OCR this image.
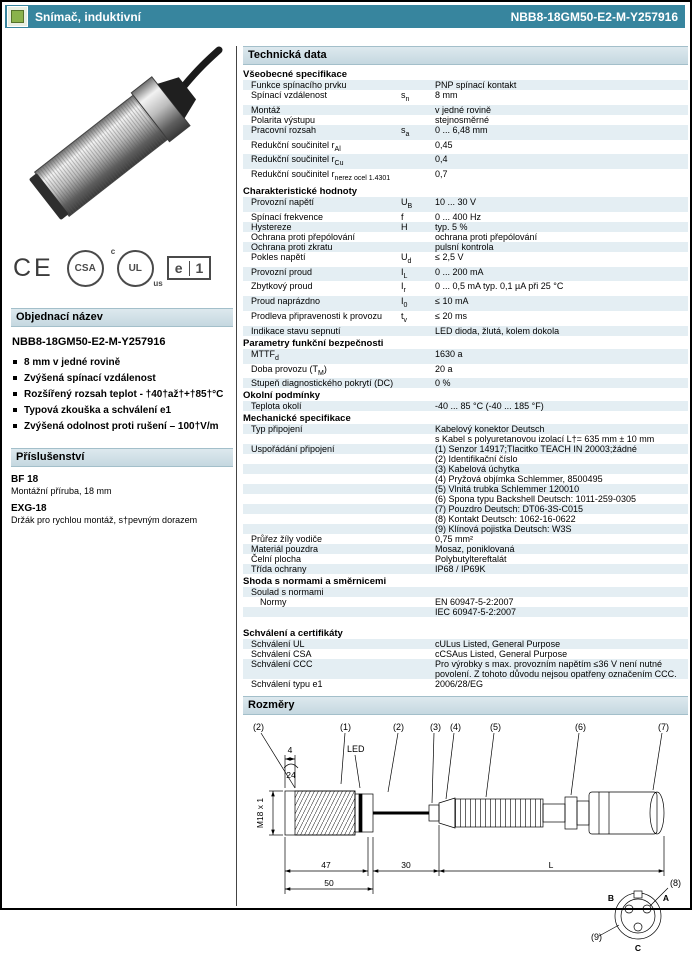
Snímač, induktivní	NBB8-18GM50-E2-M-Y257916
CE CSA
c
UL
us
e 1
Objednací název
NBB8-18GM50-E2-M-Y257916
8 mm v jedné rovině
Zvýšená spínací vzdálenost
Rozšířený rozsah teplot - †40†až†+†85†°C
Typová zkouška a schválení e1
Zvýšená odolnost proti rušení – 100†V/m
Příslušenství
BF 18
Montážní příruba, 18 mm
EXG-18
Držák pro rychlou montáž, s†pevným dorazem
Technická data
Všeobecné specifikace
Funkce spínacího prvku	PNP spínací kontakt
Spínací vzdálenost	$s_n$	8 mm
Montáž	v jedné rovině
Polarita výstupu	stejnosměrné
Pracovní rozsah	$s_a$	0 ... 6,48 mm
Redukční součinitel $r_{Al}$	0,45
Redukční součinitel $r_{Cu}$	0,4
Redukční součinitel $r_{nerez ocel 1.4301}$	0,7
Charakteristické hodnoty
Provozní napětí	$U_B$	10 ... 30 V
Spínací frekvence	f	0 ... 400 Hz
Hystereze	H	typ. 5 %
Ochrana proti přepólování	ochrana proti přepólování
Ochrana proti zkratu	pulsní kontrola
Pokles napětí	$U_d$	≤ 2,5 V
Provozní proud	$I_L$	0 ... 200 mA
Zbytkový proud	$I_r$	0 ... 0,5 mA typ. 0,1 µA při 25 °C
Proud naprázdno	$I_0$	≤ 10 mA
Prodleva připravenosti k provozu	$t_v$	≤ 20 ms
Indikace stavu sepnutí	LED dioda, žlutá, kolem dokola
Parametry funkční bezpečnosti
$MTTF_d$	1630 a
Doba provozu $(T_M)$	20 a
Stupeň diagnostického pokrytí (DC)	0 %
Okolní podmínky
Teplota okolí	-40 ... 85 °C (-40 ... 185 °F)
Mechanické specifikace
Typ připojení	Kabelový konektor Deutsch
s Kabel s polyuretanovou izolací L†= 635 mm ± 10 mm
Uspořádání připojení	(1) Senzor 14917;Tlacitko TEACH IN 20003;žádné
(2) Identifikační číslo
(3) Kabelová úchytka
(4) Pryžová objímka Schlemmer, 8500495
(5) Vlnitá trubka Schlemmer 120010
(6) Spona typu Backshell Deutsch: 1011-259-0305
(7) Pouzdro Deutsch: DT06-3S-C015
(8) Kontakt Deutsch: 1062-16-0622
(9) Klínová pojistka Deutsch: W3S
Průřez žíly vodiče	0,75 mm²
Materiál pouzdra	Mosaz, poniklovaná
Čelní plocha	Polybutyltereftalát
Třída ochrany	IP68 / IP69K
Shoda s normami a směrnicemi
Soulad s normami
Normy	EN 60947-5-2:2007
IEC 60947-5-2:2007
Schválení a certifikáty
Schválení UL	cULus Listed, General Purpose
Schválení CSA	cCSAus Listed, General Purpose
Schválení CCC	Pro výrobky s max. provozním napětím ≤36 V není nutné povolení. Z tohoto důvodu nejsou opatřeny označením CCC.
Schválení typu e1	2006/28/EG
Rozměry
(2)	(1)	(2)	(3) (4)	(5)	(6)	(7)
LED
(8)
(9)
4
24
47	30	L
50
M18 x 1
B	A
C
